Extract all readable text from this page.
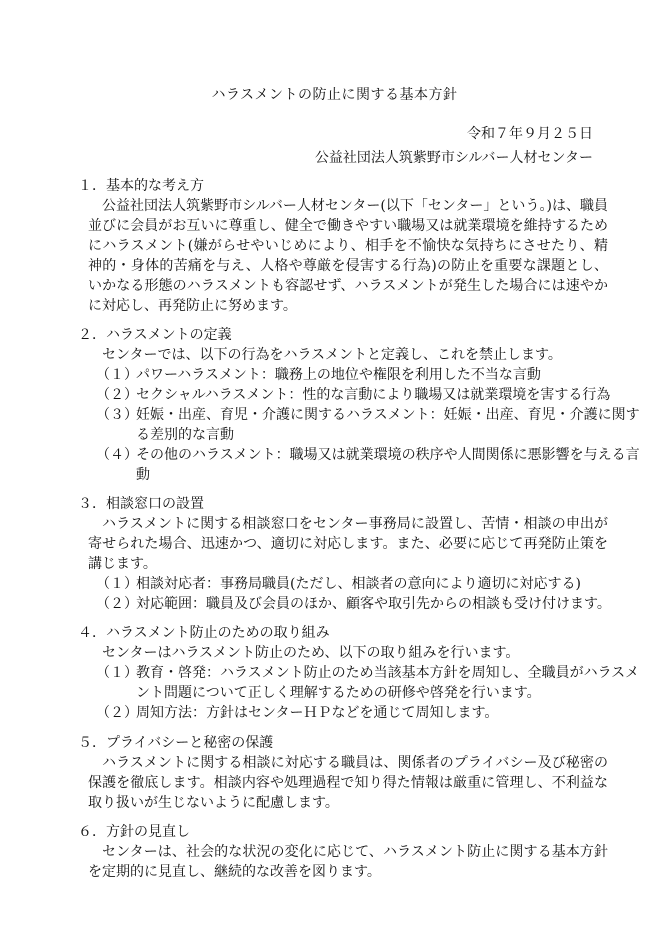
ハラスメントの防止に関する基本方針
令和７年９月２５日
公益社団法人筑紫野市シルバー人材センター
１．基本的な考え方
公益社団法人筑紫野市シルバー人材センター(以下「センター」という。)は、職員並びに会員がお互いに尊重し、健全で働きやすい職場又は就業環境を維持するためにハラスメント(嫌がらせやいじめにより、相手を不愉快な気持ちにさせたり、精神的・身体的苦痛を与え、人格や尊厳を侵害する行為)の防止を重要な課題とし、いかなる形態のハラスメントも容認せず、ハラスメントが発生した場合には速やかに対応し、再発防止に努めます。
２．ハラスメントの定義
センターでは、以下の行為をハラスメントと定義し、これを禁止します。
（１）パワーハラスメント：職務上の地位や権限を利用した不当な言動
（２）セクシャルハラスメント：性的な言動により職場又は就業環境を害する行為
（３）妊娠・出産、育児・介護に関するハラスメント：妊娠・出産、育児・介護に関する差別的な言動
（４）その他のハラスメント：職場又は就業環境の秩序や人間関係に悪影響を与える言動
３．相談窓口の設置
ハラスメントに関する相談窓口をセンター事務局に設置し、苦情・相談の申出が寄せられた場合、迅速かつ、適切に対応します。また、必要に応じて再発防止策を講じます。
（１）相談対応者：事務局職員(ただし、相談者の意向により適切に対応する)
（２）対応範囲：職員及び会員のほか、顧客や取引先からの相談も受け付けます。
４．ハラスメント防止のための取り組み
センターはハラスメント防止のため、以下の取り組みを行います。
（１）教育・啓発：ハラスメント防止のため当該基本方針を周知し、全職員がハラスメント問題について正しく理解するための研修や啓発を行います。
（２）周知方法：方針はセンターＨＰなどを通じて周知します。
５．プライバシーと秘密の保護
ハラスメントに関する相談に対応する職員は、関係者のプライバシー及び秘密の保護を徹底します。相談内容や処理過程で知り得た情報は厳重に管理し、不利益な取り扱いが生じないように配慮します。
６．方針の見直し
センターは、社会的な状況の変化に応じて、ハラスメント防止に関する基本方針を定期的に見直し、継続的な改善を図ります。
